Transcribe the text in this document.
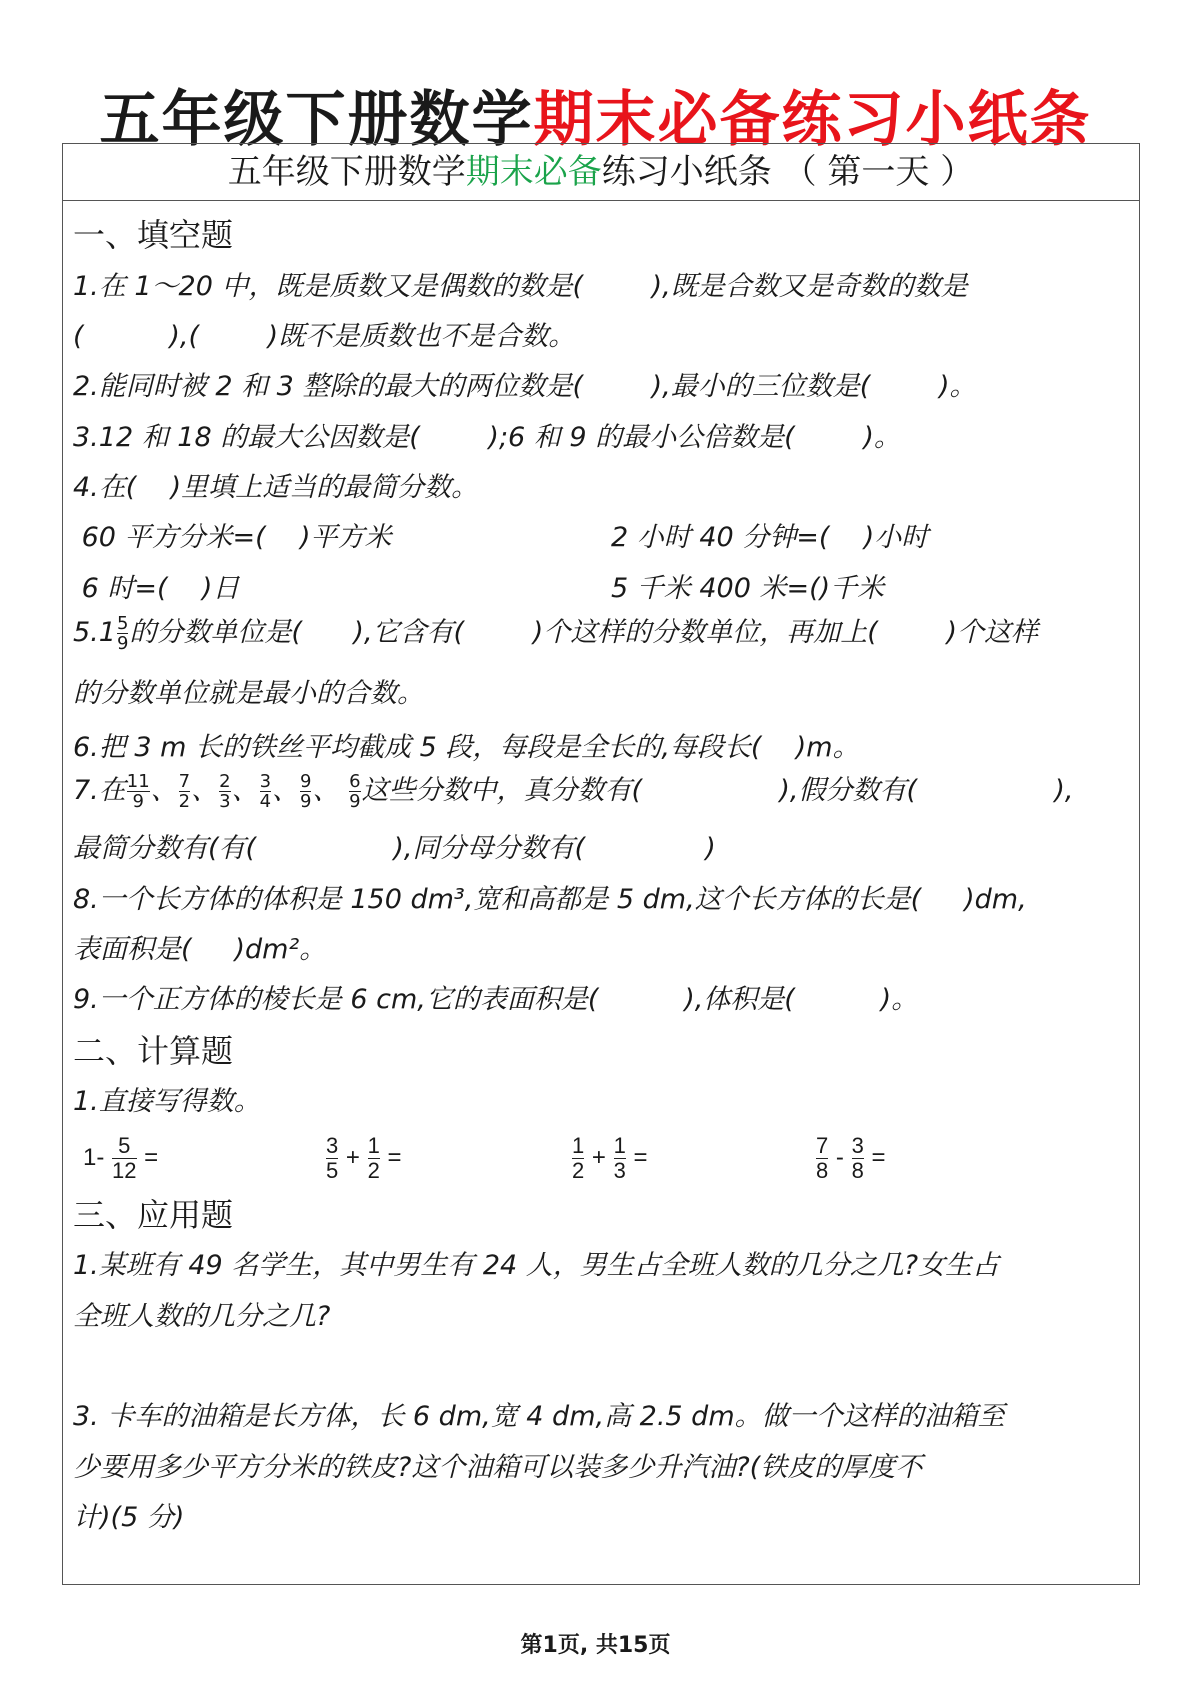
五年级下册数学期末必备练习小纸条
五年级下册数学期末必备练习小纸条 （ 第一天 ）
一、填空题
1.在 1～20 中，既是质数又是偶数的数是(        ),既是合数又是奇数的数是
(          ),(        )既不是质数也不是合数。
2.能同时被 2 和 3 整除的最大的两位数是(        ),最小的三位数是(        )。
3.12 和 18 的最大公因数是(        );6 和 9 的最小公倍数是(        )。
4.在(    )里填上适当的最简分数。
60 平方分米=(    )平方米	2 小时 40 分钟=(    )小时
6 时=(    )日	5 千米 400 米=()千米
$5.1 \frac{5}{9}$ 的分数单位是(      ),它含有(        )个这样的分数单位，再加上(        )个这样
的分数单位就是最小的合数。
6.把 3 m 长的铁丝平均截成 5 段，每段是全长的,每段长(    )m。
7.在 $\frac{11}{9}$ 、 $\frac{7}{2}$ 、 $\frac{2}{3}$ 、 $\frac{3}{4}$ 、 $\frac{9}{9}$ 、 $\frac{6}{9}$ 这些分数中，真分数有(                ),假分数有(                ),
最简分数有(有(                ),同分母分数有(              )
8.一个长方体的体积是 150 dm³,宽和高都是 5 dm,这个长方体的长是(     )dm,
表面积是(     )dm²。
9.一个正方体的棱长是 6 cm,它的表面积是(          ),体积是(          )。
二、计算题
1.直接写得数。
$1- \frac{5}{12}$ =	$\frac{3}{5} + \frac{1}{2}$ =	$\frac{1}{2} + \frac{1}{3}$ =	$\frac{7}{8} - \frac{3}{8}$ =
三、应用题
1.某班有 49 名学生，其中男生有 24 人，男生占全班人数的几分之几?女生占
全班人数的几分之几?
3. 卡车的油箱是长方体，长 6 dm,宽 4 dm,高 2.5 dm。做一个这样的油箱至
少要用多少平方分米的铁皮?这个油箱可以装多少升汽油?(铁皮的厚度不
计)(5 分)
第1页, 共15页
